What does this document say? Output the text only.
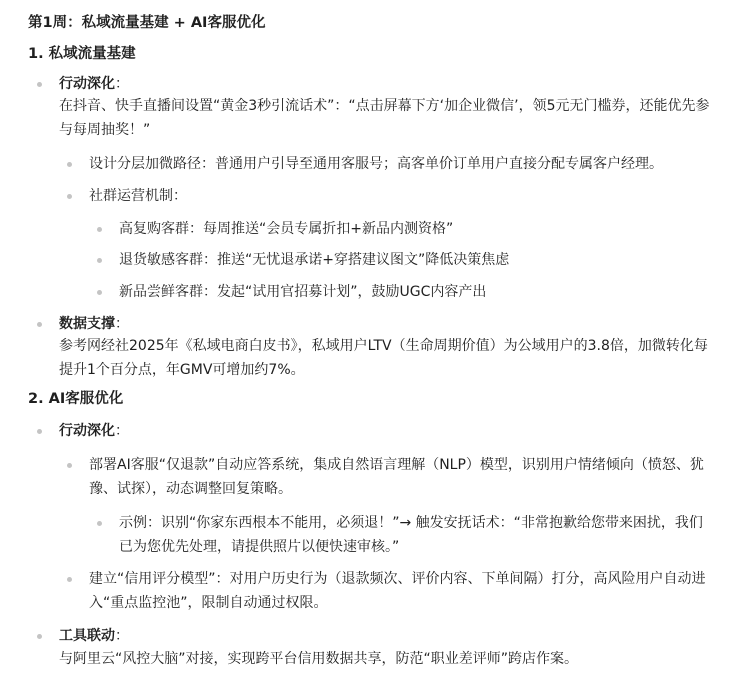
第1周：私域流量基建 + AI客服优化
1. 私域流量基建
行动深化：
在抖音、快手直播间设置“黄金3秒引流话术”：“点击屏幕下方‘加企业微信’，领5元无门槛券，还能优先参与每周抽奖！”
设计分层加微路径：普通用户引导至通用客服号；高客单价订单用户直接分配专属客户经理。
社群运营机制：
高复购客群：每周推送“会员专属折扣+新品内测资格”
退货敏感客群：推送“无忧退承诺+穿搭建议图文”降低决策焦虑
新品尝鲜客群：发起“试用官招募计划”，鼓励UGC内容产出
数据支撑：
参考网经社2025年《私域电商白皮书》，私域用户LTV（生命周期价值）为公域用户的3.8倍，加微转化每提升1个百分点，年GMV可增加约7%。
2. AI客服优化
行动深化：
部署AI客服“仅退款”自动应答系统，集成自然语言理解（NLP）模型，识别用户情绪倾向（愤怒、犹豫、试探），动态调整回复策略。
示例：识别“你家东西根本不能用，必须退！”→ 触发安抚话术：“非常抱歉给您带来困扰，我们已为您优先处理，请提供照片以便快速审核。”
建立“信用评分模型”：对用户历史行为（退款频次、评价内容、下单间隔）打分，高风险用户自动进入“重点监控池”，限制自动通过权限。
工具联动：
与阿里云“风控大脑”对接，实现跨平台信用数据共享，防范“职业差评师”跨店作案。
